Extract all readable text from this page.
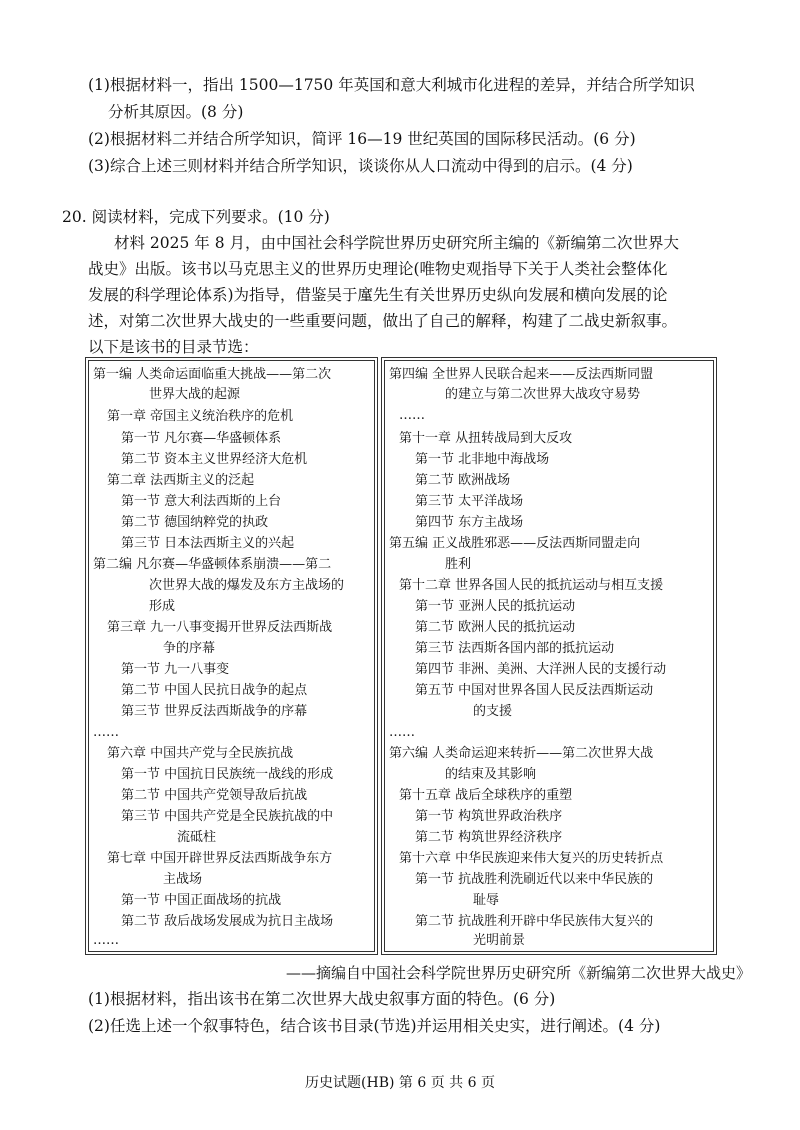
(1)根据材料一，指出 1500—1750 年英国和意大利城市化进程的差异，并结合所学知识
分析其原因。(8 分)
(2)根据材料二并结合所学知识，简评 16—19 世纪英国的国际移民活动。(6 分)
(3)综合上述三则材料并结合所学知识，谈谈你从人口流动中得到的启示。(4 分)
20. 阅读材料，完成下列要求。(10 分)
材料 2025 年 8 月，由中国社会科学院世界历史研究所主编的《新编第二次世界大
战史》出版。该书以马克思主义的世界历史理论(唯物史观指导下关于人类社会整体化
发展的科学理论体系)为指导，借鉴吴于廑先生有关世界历史纵向发展和横向发展的论
述，对第二次世界大战史的一些重要问题，做出了自己的解释，构建了二战史新叙事。
以下是该书的目录节选：
第一编 人类命运面临重大挑战——第二次
世界大战的起源
第一章 帝国主义统治秩序的危机
第一节 凡尔赛—华盛顿体系
第二节 资本主义世界经济大危机
第二章 法西斯主义的泛起
第一节 意大利法西斯的上台
第二节 德国纳粹党的执政
第三节 日本法西斯主义的兴起
第二编 凡尔赛—华盛顿体系崩溃——第二
次世界大战的爆发及东方主战场的
形成
第三章 九一八事变揭开世界反法西斯战
争的序幕
第一节 九一八事变
第二节 中国人民抗日战争的起点
第三节 世界反法西斯战争的序幕
……
第六章 中国共产党与全民族抗战
第一节 中国抗日民族统一战线的形成
第二节 中国共产党领导敌后抗战
第三节 中国共产党是全民族抗战的中
流砥柱
第七章 中国开辟世界反法西斯战争东方
主战场
第一节 中国正面战场的抗战
第二节 敌后战场发展成为抗日主战场
……
第四编 全世界人民联合起来——反法西斯同盟
的建立与第二次世界大战攻守易势
……
第十一章 从扭转战局到大反攻
第一节 北非地中海战场
第二节 欧洲战场
第三节 太平洋战场
第四节 东方主战场
第五编 正义战胜邪恶——反法西斯同盟走向
胜利
第十二章 世界各国人民的抵抗运动与相互支援
第一节 亚洲人民的抵抗运动
第二节 欧洲人民的抵抗运动
第三节 法西斯各国内部的抵抗运动
第四节 非洲、美洲、大洋洲人民的支援行动
第五节 中国对世界各国人民反法西斯运动
的支援
……
第六编 人类命运迎来转折——第二次世界大战
的结束及其影响
第十五章 战后全球秩序的重塑
第一节 构筑世界政治秩序
第二节 构筑世界经济秩序
第十六章 中华民族迎来伟大复兴的历史转折点
第一节 抗战胜利洗刷近代以来中华民族的
耻辱
第二节 抗战胜利开辟中华民族伟大复兴的
光明前景
——摘编自中国社会科学院世界历史研究所《新编第二次世界大战史》
(1)根据材料，指出该书在第二次世界大战史叙事方面的特色。(6 分)
(2)任选上述一个叙事特色，结合该书目录(节选)并运用相关史实，进行阐述。(4 分)
历史试题(HB) 第 6 页 共 6 页
